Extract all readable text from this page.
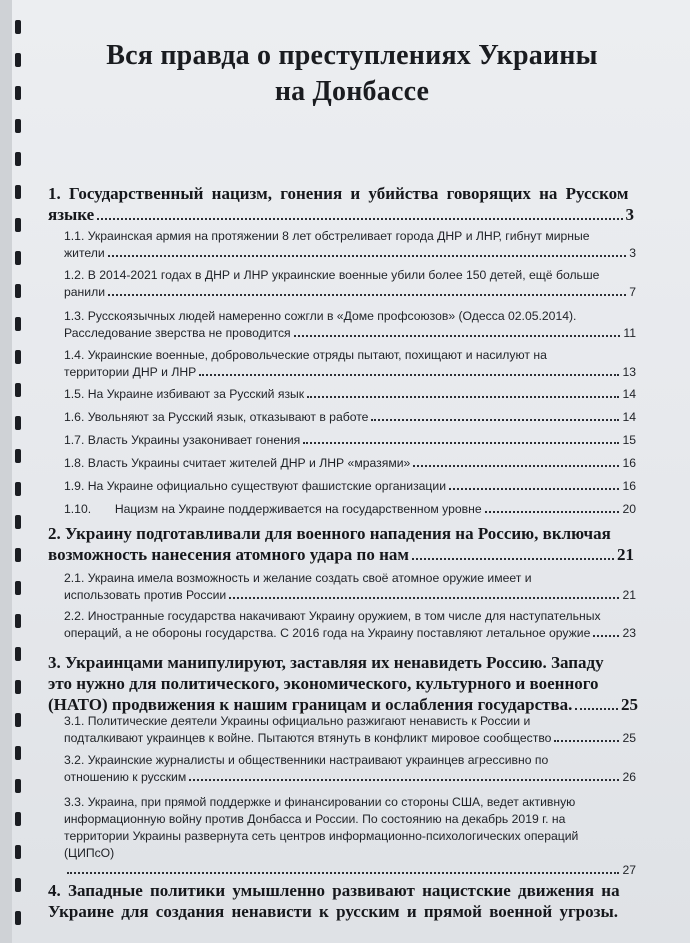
Вся правда о преступлениях Украины
на Донбассе
1. Государственный нацизм, гонения и убийства говорящих на Русском
языке	3
1.1. Украинская армия на протяжении 8 лет обстреливает города ДНР и ЛНР, гибнут мирные
жители	3
1.2. В 2014-2021 годах в ДНР и ЛНР украинские военные убили более 150 детей, ещё больше
ранили	7
1.3. Русскоязычных людей намеренно сожгли в «Доме профсоюзов» (Одесса 02.05.2014).
Расследование зверства не проводится	11
1.4. Украинские военные, добровольческие отряды пытают, похищают и насилуют на
территории ДНР и ЛНР	13
1.5. На Украине избивают за Русский язык	14
1.6. Увольняют за Русский язык, отказывают в работе	14
1.7. Власть Украины узаконивает гонения	15
1.8. Власть Украины считает жителей ДНР и ЛНР «мразями»	16
1.9. На Украине официально существуют фашистские организации	16
1.10. Нацизм на Украине поддерживается на государственном уровне	20
2. Украину подготавливали для военного нападения на Россию, включая
возможность нанесения атомного удара по нам	21
2.1. Украина имела возможность и желание создать своё атомное оружие имеет и
использовать против России	21
2.2. Иностранные государства накачивают Украину оружием, в том числе для наступательных
операций, а не обороны государства. С 2016 года на Украину поставляют летальное оружие	23
3. Украинцами манипулируют, заставляя их ненавидеть Россию. Западу
это нужно для политического, экономического, культурного и военного
(НАТО) продвижения к нашим границам и ослабления государства.	25
3.1. Политические деятели Украины официально разжигают ненависть к России и
подталкивают украинцев к войне. Пытаются втянуть в конфликт мировое сообщество	25
3.2. Украинские журналисты и общественники настраивают украинцев агрессивно по
отношению к русским	26
3.3. Украина, при прямой поддержке и финансировании со стороны США, ведет активную
информационную войну против Донбасса и России. По состоянию на декабрь 2019 г. на
территории Украины развернута сеть центров информационно-психологических операций
(ЦИПсО)
27
4. Западные политики умышленно развивают нацистские движения на
Украине для создания ненависти к русским и прямой военной угрозы.
